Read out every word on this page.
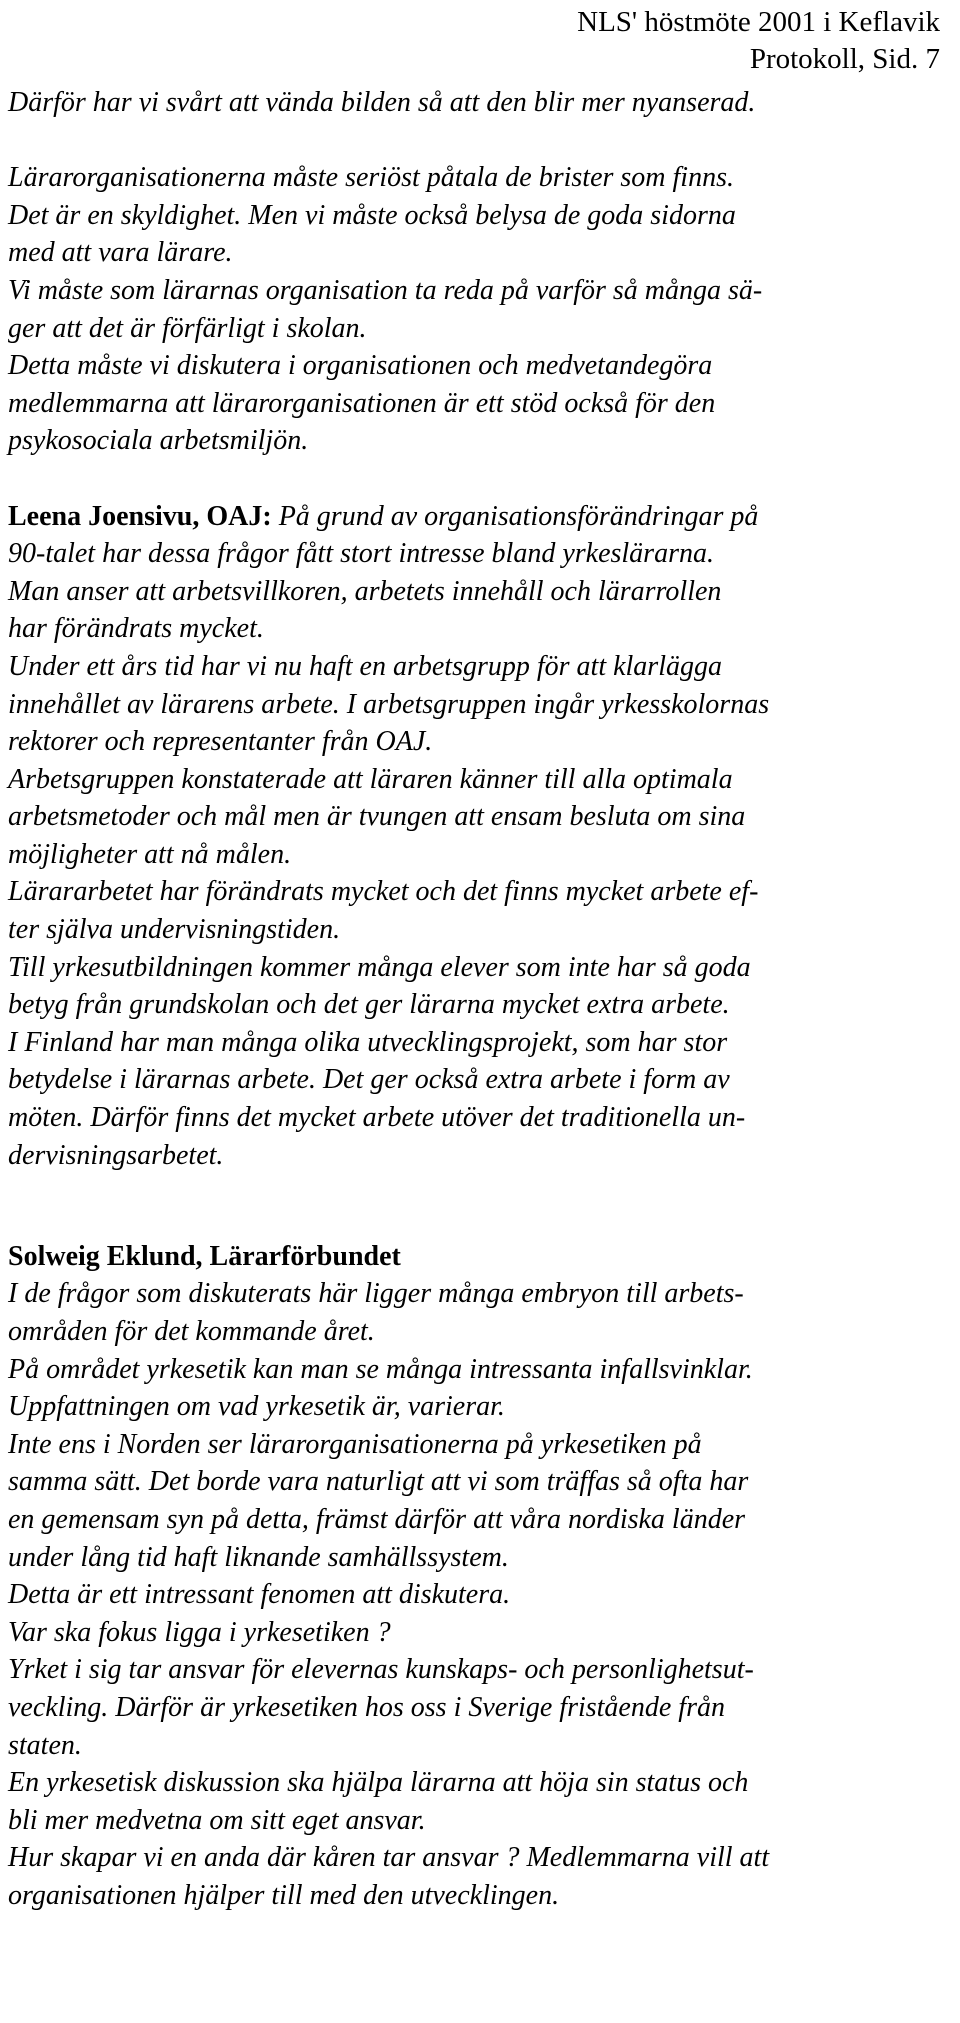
NLS' höstmöte 2001 i Keflavik
Protokoll, Sid. 7
Därför har vi svårt att vända bilden så att den blir mer nyanserad.
Lärarorganisationerna måste seriöst påtala de brister som finns.
Det är en skyldighet. Men vi måste också belysa de goda sidorna
med att vara lärare.
Vi måste som lärarnas organisation ta reda på varför så många sä-
ger att det är förfärligt i skolan.
Detta måste vi diskutera i organisationen och medvetandegöra
medlemmarna att lärarorganisationen är ett stöd också för den
psykosociala arbetsmiljön.
Leena Joensivu, OAJ: På grund av organisationsförändringar på
90-talet har dessa frågor fått stort intresse bland yrkeslärarna.
Man anser att arbetsvillkoren, arbetets innehåll och lärarrollen
har förändrats mycket.
Under ett års tid har vi nu haft en arbetsgrupp för att klarlägga
innehållet av lärarens arbete. I arbetsgruppen ingår yrkesskolornas
rektorer och representanter från OAJ.
Arbetsgruppen konstaterade att läraren känner till alla optimala
arbetsmetoder och mål men är tvungen att ensam besluta om sina
möjligheter att nå målen.
Lärararbetet har förändrats mycket och det finns mycket arbete ef-
ter själva undervisningstiden.
Till yrkesutbildningen kommer många elever som inte har så goda
betyg från grundskolan och det ger lärarna mycket extra arbete.
I Finland har man många olika utvecklingsprojekt, som har stor
betydelse i lärarnas arbete. Det ger också extra arbete i form av
möten. Därför finns det mycket arbete utöver det traditionella un-
dervisningsarbetet.
Solweig Eklund, Lärarförbundet
I de frågor som diskuterats här ligger många embryon till arbets-
områden för det kommande året.
På området yrkesetik kan man se många intressanta infallsvinklar.
Uppfattningen om vad yrkesetik är, varierar.
Inte ens i Norden ser lärarorganisationerna på yrkesetiken på
samma sätt. Det borde vara naturligt att vi som träffas så ofta har
en gemensam syn på detta, främst därför att våra nordiska länder
under lång tid haft liknande samhällssystem.
Detta är ett intressant fenomen att diskutera.
Var ska fokus ligga i yrkesetiken ?
Yrket i sig tar ansvar för elevernas kunskaps- och personlighetsut-
veckling. Därför är yrkesetiken hos oss i Sverige fristående från
staten.
En yrkesetisk diskussion ska hjälpa lärarna att höja sin status och
bli mer medvetna om sitt eget ansvar.
Hur skapar vi en anda där kåren tar ansvar ? Medlemmarna vill att
organisationen hjälper till med den utvecklingen.
